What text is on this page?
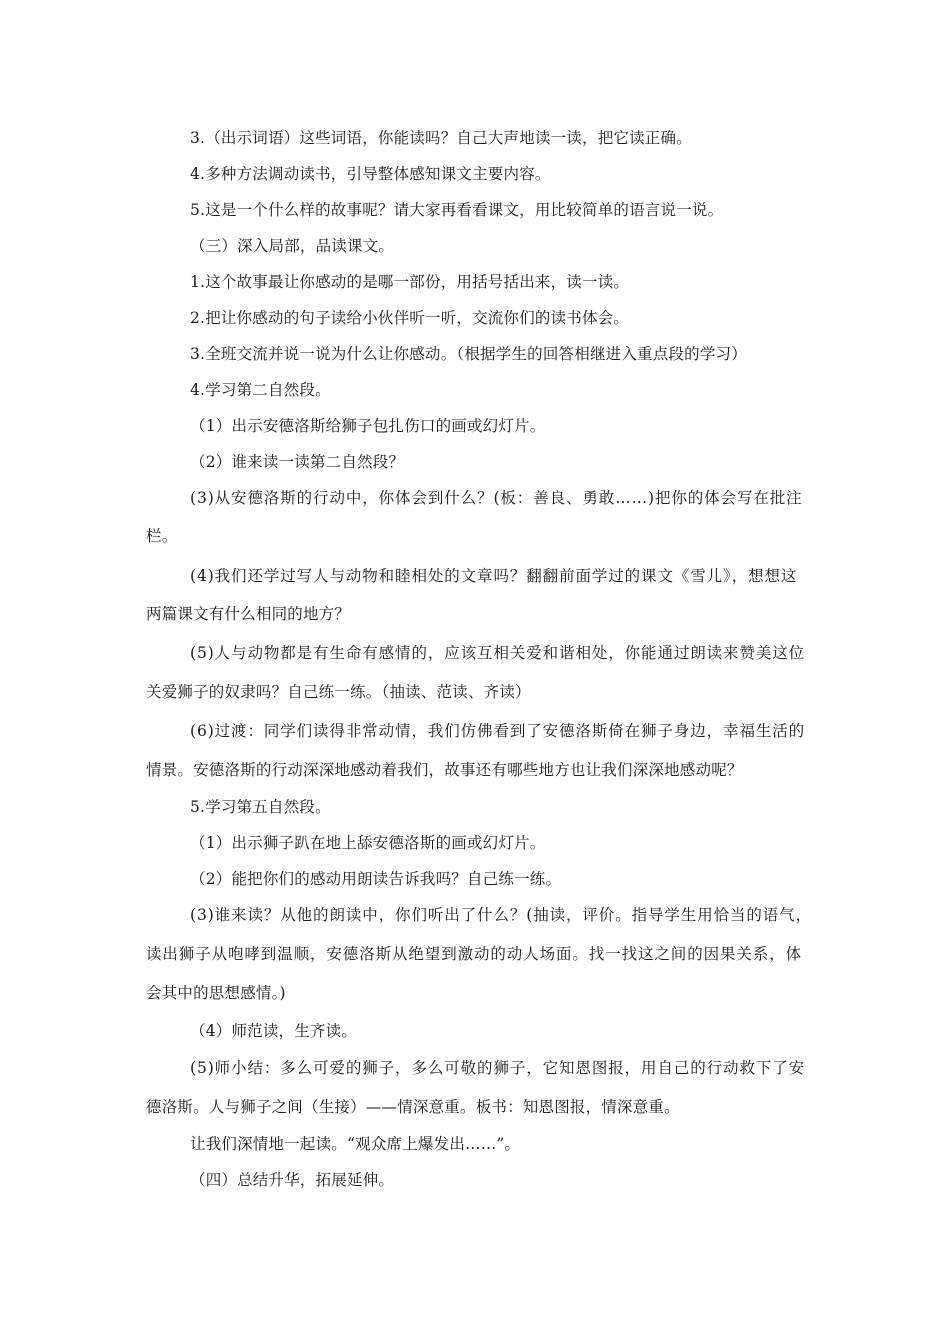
3.（出示词语）这些词语，你能读吗？自己大声地读一读，把它读正确。

4.多种方法调动读书，引导整体感知课文主要内容。

5.这是一个什么样的故事呢？请大家再看看课文，用比较简单的语言说一说。

（三）深入局部，品读课文。

1.这个故事最让你感动的是哪一部份，用括号括出来，读一读。

2.把让你感动的句子读给小伙伴听一听，交流你们的读书体会。

3.全班交流并说一说为什么让你感动。（根据学生的回答相继进入重点段的学习）

4.学习第二自然段。

（1）出示安德洛斯给狮子包扎伤口的画或幻灯片。

（2）谁来读一读第二自然段？

(3)从安德洛斯的行动中，你体会到什么？(板：善良、勇敢……)把你的体会写在批注

栏。

(4)我们还学过写人与动物和睦相处的文章吗？翻翻前面学过的课文《雪儿》，想想这

两篇课文有什么相同的地方？

(5)人与动物都是有生命有感情的，应该互相关爱和谐相处，你能通过朗读来赞美这位

关爱狮子的奴隶吗？自己练一练。（抽读、范读、齐读）

(6)过渡：同学们读得非常动情，我们仿佛看到了安德洛斯倚在狮子身边，幸福生活的

情景。安德洛斯的行动深深地感动着我们，故事还有哪些地方也让我们深深地感动呢？

5.学习第五自然段。

（1）出示狮子趴在地上舔安德洛斯的画或幻灯片。

（2）能把你们的感动用朗读告诉我吗？自己练一练。

(3)谁来读？从他的朗读中，你们听出了什么？(抽读，评价。指导学生用恰当的语气，

读出狮子从咆哮到温顺，安德洛斯从绝望到激动的动人场面。找一找这之间的因果关系，体

会其中的思想感情。)

（4）师范读，生齐读。

(5)师小结：多么可爱的狮子，多么可敬的狮子，它知恩图报，用自己的行动救下了安

德洛斯。人与狮子之间（生接）——情深意重。板书：知恩图报，情深意重。

让我们深情地一起读。“观众席上爆发出……”。

（四）总结升华，拓展延伸。
